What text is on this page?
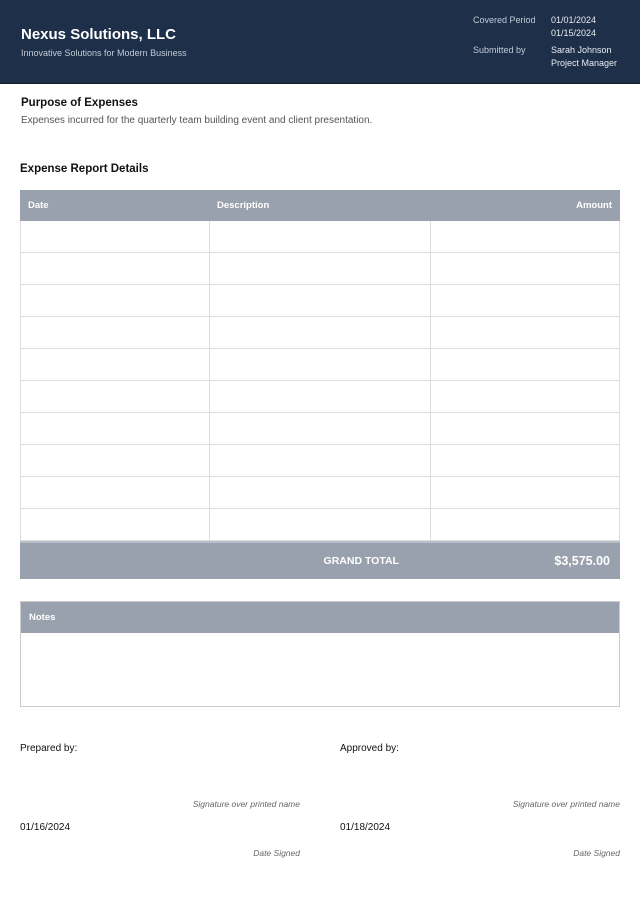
Nexus Solutions, LLC
Innovative Solutions for Modern Business
Covered Period 01/01/2024
01/15/2024
Submitted by	Sarah Johnson
Project Manager
Purpose of Expenses
Expenses incurred for the quarterly team building event and client presentation.
Expense Report Details
Date	Description	Amount
GRAND TOTAL	$3,575.00
Notes
Prepared by:	Approved by:
Signature over printed name	Signature over printed name
01/16/2024	01/18/2024
Date Signed	Date Signed
